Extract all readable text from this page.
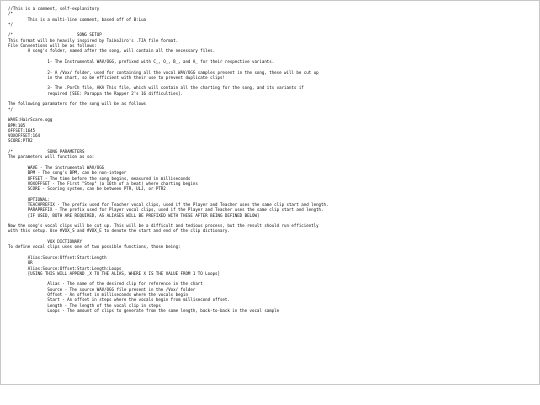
//This is a comment, self-explanitory
/*
This is a multi-line comment, based off of B:Lua
*/
/*                          SONG SETUP
This format will be heavily inspired by TaikoJiro's .TJA file format.
File Conventions will be as follows:
A song's folder, named after the song, will contain all the necessary files.
1- The Instrumental WAV/OGG, prefixed with C_, O_, B_, and A_ for their respective variants.
2- A /Vox/ folder, used for containing all the vocal WAV/OGG samples present in the song, these will be cut up
in the chart, so be efficient with their use to prevent duplicate clips!
3- The .PorCh file, AKA This file, which will contain all the charting for the song, and its variants if
required [SEE: Parappa the Rapper 2's 16 difficulties].
The following paramaters for the song will be as follows
*/
WAVE:HairScare.ogg
BPM:105
OFFSET:1645
VOXOFFSET:164
SCORE:PTR2
/*              SONG PARAMETERS
The parameters will function as so:
WAVE - The instrumental WAV/OGG
BPM - The song's BPM, can be non-integer
OFFSET - The time before the song begins, measured in milliseconds
VOXOFFSET - The First "Step" (a 16th of a beat) where charting begins
SCORE - Scoring system, can be between PTR, ULJ, or PTR2
OPTIONAL:
TEACHPREFIX - The prefix used for Teacher vocal clips, used if the Player and Teacher uses the same clip start and length.
PARAPREFIX - The prefix used for Player vocal clips, used if the Player and Teacher uses the same clip start and length.
[IF USED, BOTH ARE REQUIRED, AS ALIASES WILL BE PREFIXED WITH THESE AFTER BEING DEFINED BELOW]
Now the song's vocal clips will be cut up. This will be a difficult and tedious process, but the result should run efficiently
with this setup. Use #VOX_S and #VOX_E to denote the start and end of the clip dictionary.
VOX DICTIONARY
To define vocal clips uses one of two possible functions, those being:
Alias:Source:Offset:Start:Length
OR
Alias:Source:Offset:Start:Length:Loops
[USING THIS WILL APPEND _X TO THE ALIAS, WHERE X IS THE VALUE FROM 1 TO Loops]
Alias - The name of the desired clip for reference in the chart
Source - The source WAV/OGG file present in the /Vox/ folder
Offset - An offset in milliseconds where the vocals begin
Start - An offset in steps where the vocals begin from millisecond offset.
Length - The length of the vocal clip in steps
Loops - The amount of clips to generate from the same length, back-to-back in the vocal sample
